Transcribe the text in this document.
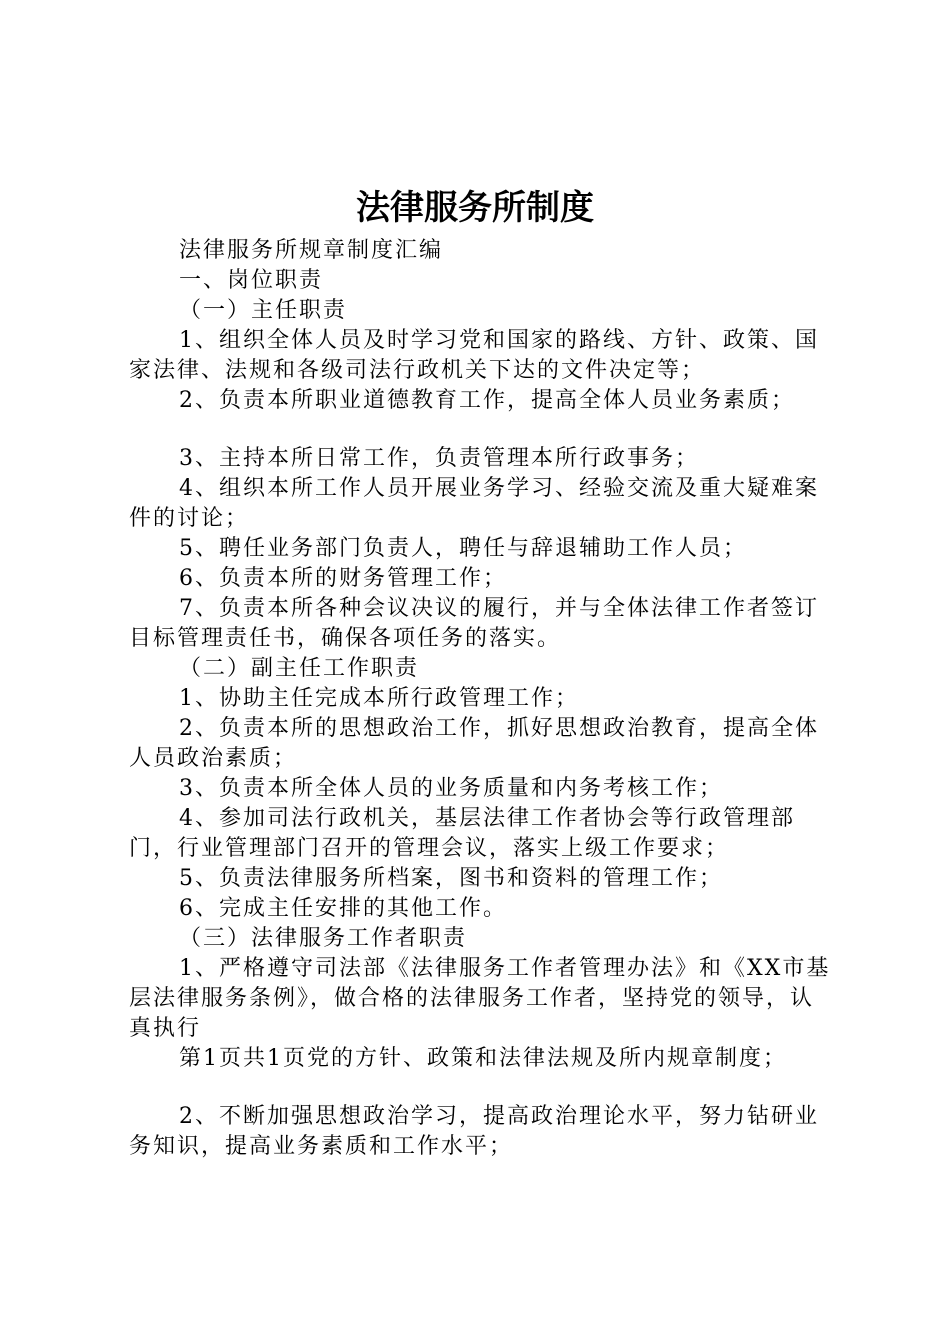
法律服务所制度

法律服务所规章制度汇编

一、岗位职责

（一）主任职责

1、组织全体人员及时学习党和国家的路线、方针、政策、国家法律、法规和各级司法行政机关下达的文件决定等；

2、负责本所职业道德教育工作，提高全体人员业务素质；

3、主持本所日常工作，负责管理本所行政事务；

4、组织本所工作人员开展业务学习、经验交流及重大疑难案件的讨论；

5、聘任业务部门负责人，聘任与辞退辅助工作人员；

6、负责本所的财务管理工作；

7、负责本所各种会议决议的履行，并与全体法律工作者签订目标管理责任书，确保各项任务的落实。

（二）副主任工作职责

1、协助主任完成本所行政管理工作；

2、负责本所的思想政治工作，抓好思想政治教育，提高全体人员政治素质；

3、负责本所全体人员的业务质量和内务考核工作；

4、参加司法行政机关，基层法律工作者协会等行政管理部门，行业管理部门召开的管理会议，落实上级工作要求；

5、负责法律服务所档案，图书和资料的管理工作；

6、完成主任安排的其他工作。

（三）法律服务工作者职责

1、严格遵守司法部《法律服务工作者管理办法》和《XX市基层法律服务条例》，做合格的法律服务工作者，坚持党的领导，认真执行

第1页共1页党的方针、政策和法律法规及所内规章制度；

2、不断加强思想政治学习，提高政治理论水平，努力钻研业务知识，提高业务素质和工作水平；
